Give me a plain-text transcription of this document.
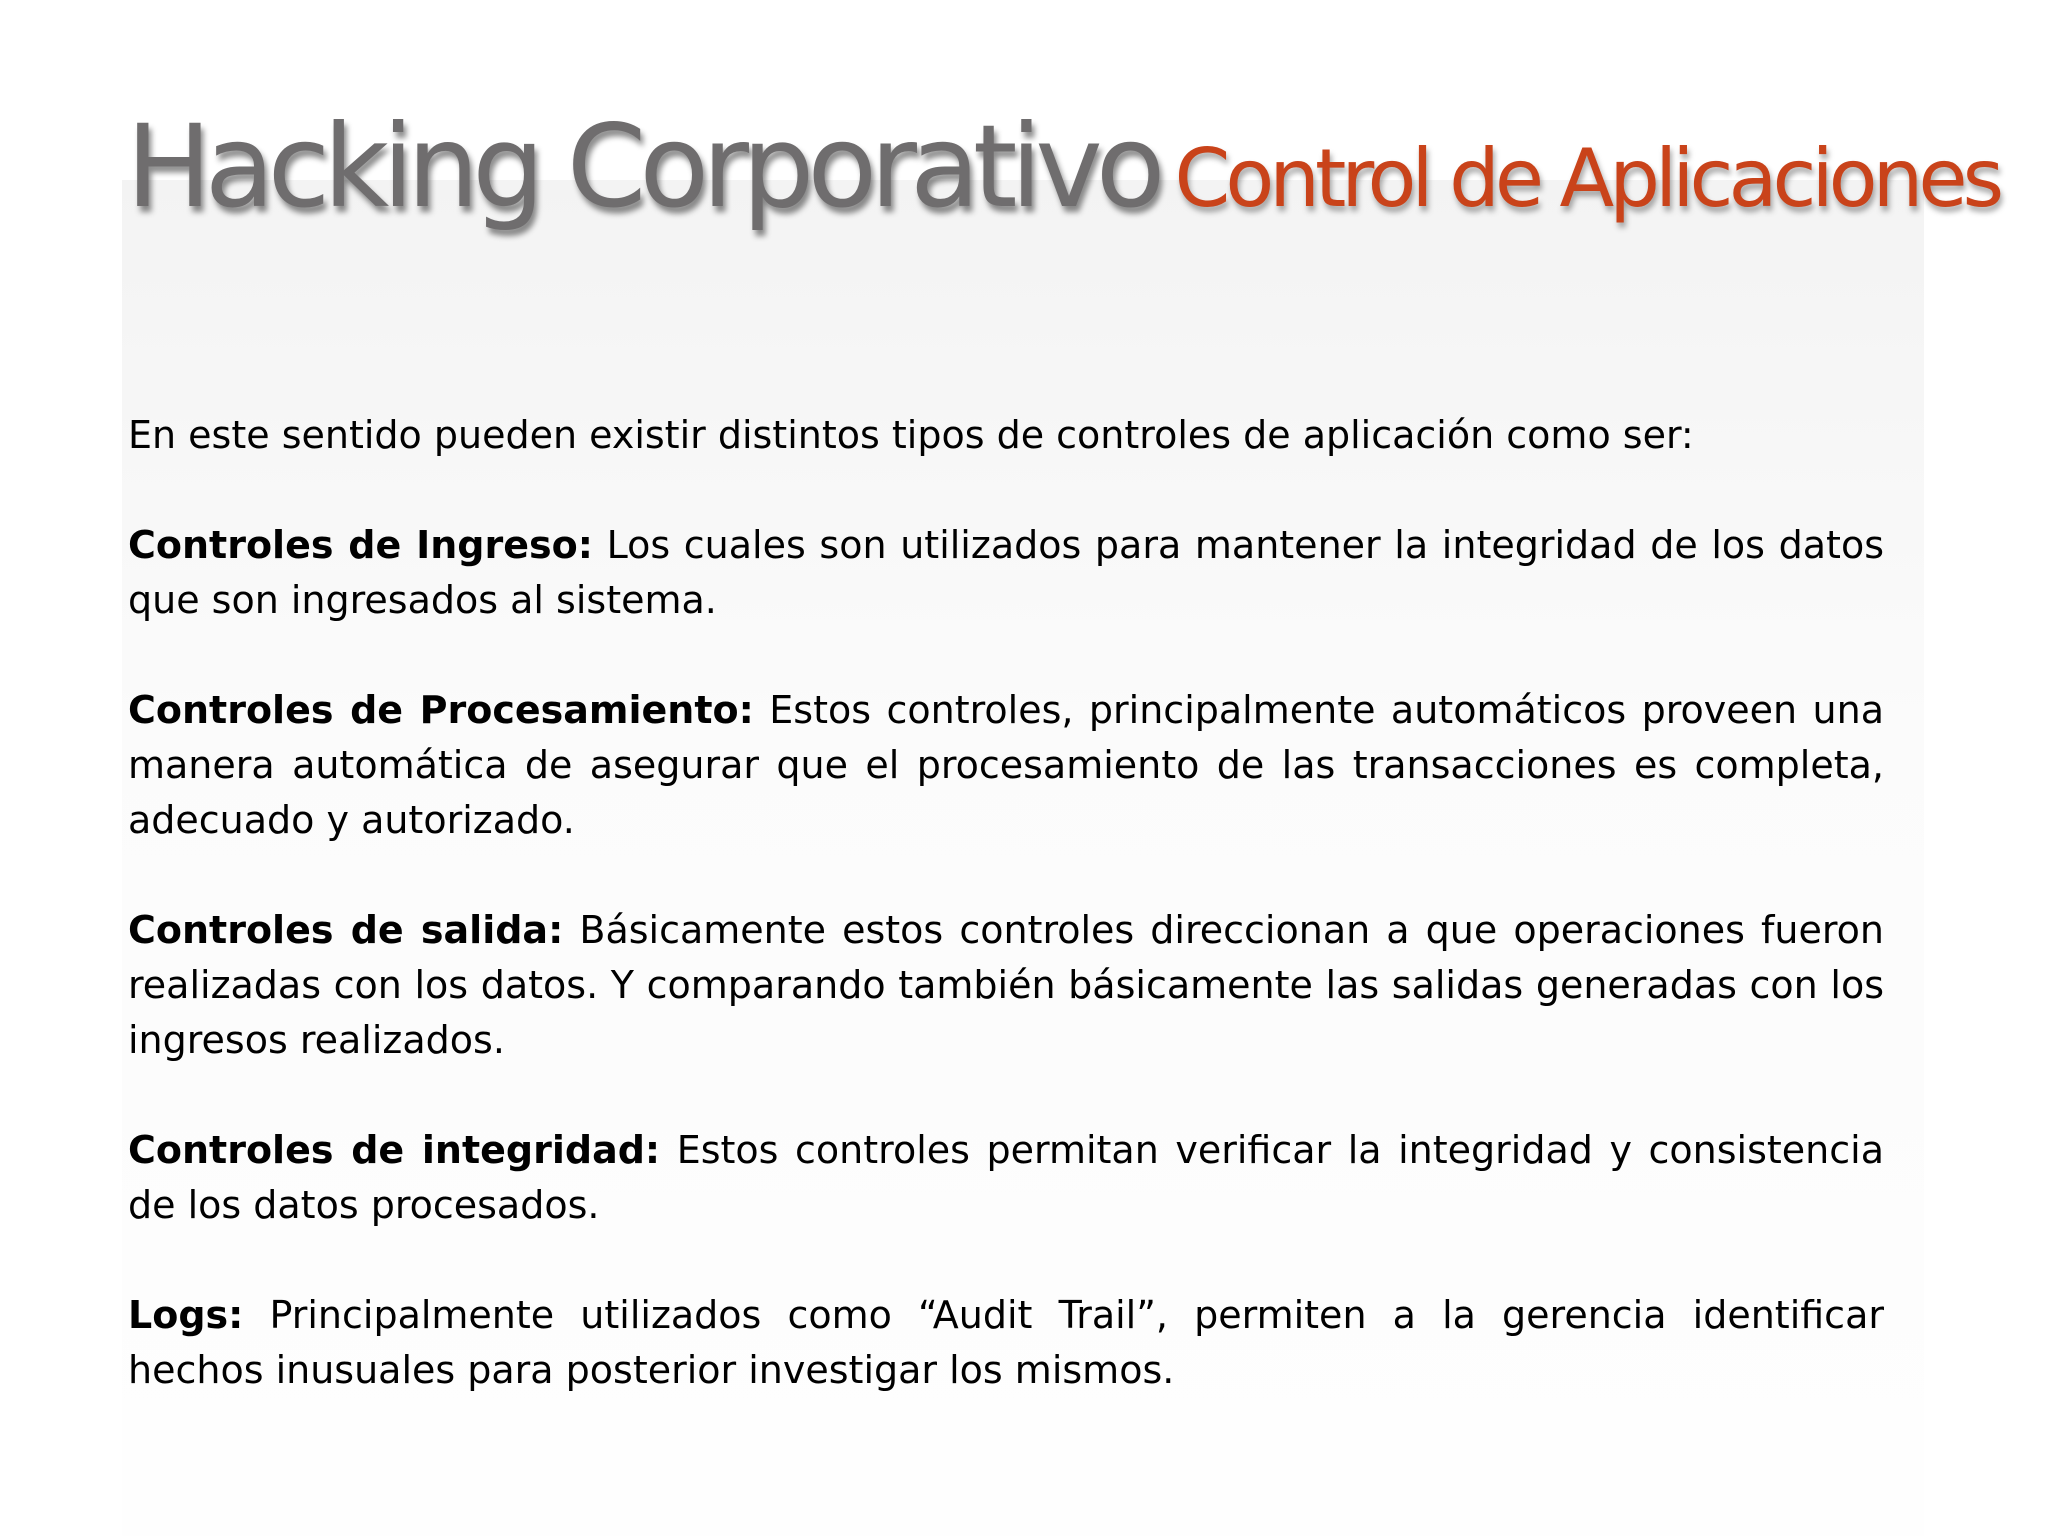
Hacking Corporativo Control de Aplicaciones

En este sentido pueden existir distintos tipos de controles de aplicación como ser:

Controles de Ingreso: Los cuales son utilizados para mantener la integridad de los datos que son ingresados al sistema.

Controles de Procesamiento: Estos controles, principalmente automáticos proveen una manera automática de asegurar que el procesamiento de las transacciones es completa, adecuado y autorizado.

Controles de salida: Básicamente estos controles direccionan a que operaciones fueron realizadas con los datos. Y comparando también básicamente las salidas generadas con los ingresos realizados.

Controles de integridad: Estos controles permitan verificar la integridad y consistencia de los datos procesados.

Logs: Principalmente utilizados como “Audit Trail”, permiten a la gerencia identificar hechos inusuales para posterior investigar los mismos.
